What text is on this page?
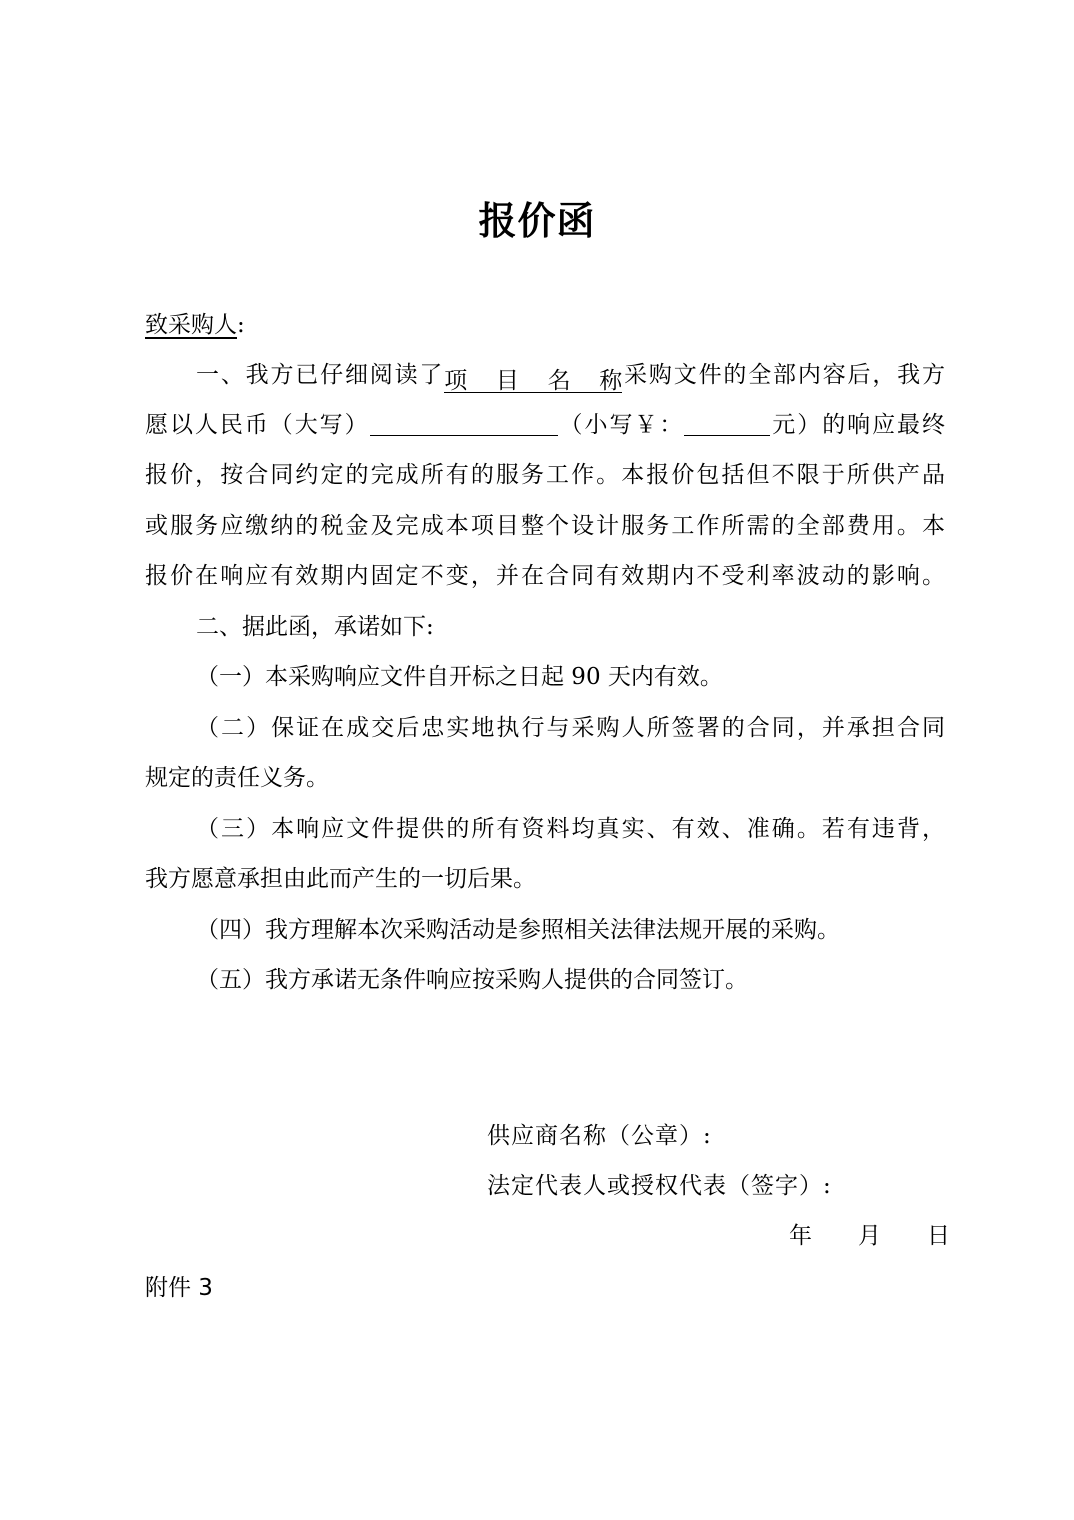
报价函
致采购人:
一、我方已仔细阅读了项目名称采购文件的全部内容后，我方
愿以人民币（大写）	（小写￥：	元）的响应最终
报价，按合同约定的完成所有的服务工作。本报价包括但不限于所供产品
或服务应缴纳的税金及完成本项目整个设计服务工作所需的全部费用。本
报价在响应有效期内固定不变，并在合同有效期内不受利率波动的影响。
二、据此函，承诺如下:
（一）本采购响应文件自开标之日起 90 天内有效。
（二）保证在成交后忠实地执行与采购人所签署的合同，并承担合同
规定的责任义务。
（三）本响应文件提供的所有资料均真实、有效、准确。若有违背，
我方愿意承担由此而产生的一切后果。
（四）我方理解本次采购活动是参照相关法律法规开展的采购。
（五）我方承诺无条件响应按采购人提供的合同签订。
供应商名称（公章）:
法定代表人或授权代表（签字）:
年 月 日
附件 3
